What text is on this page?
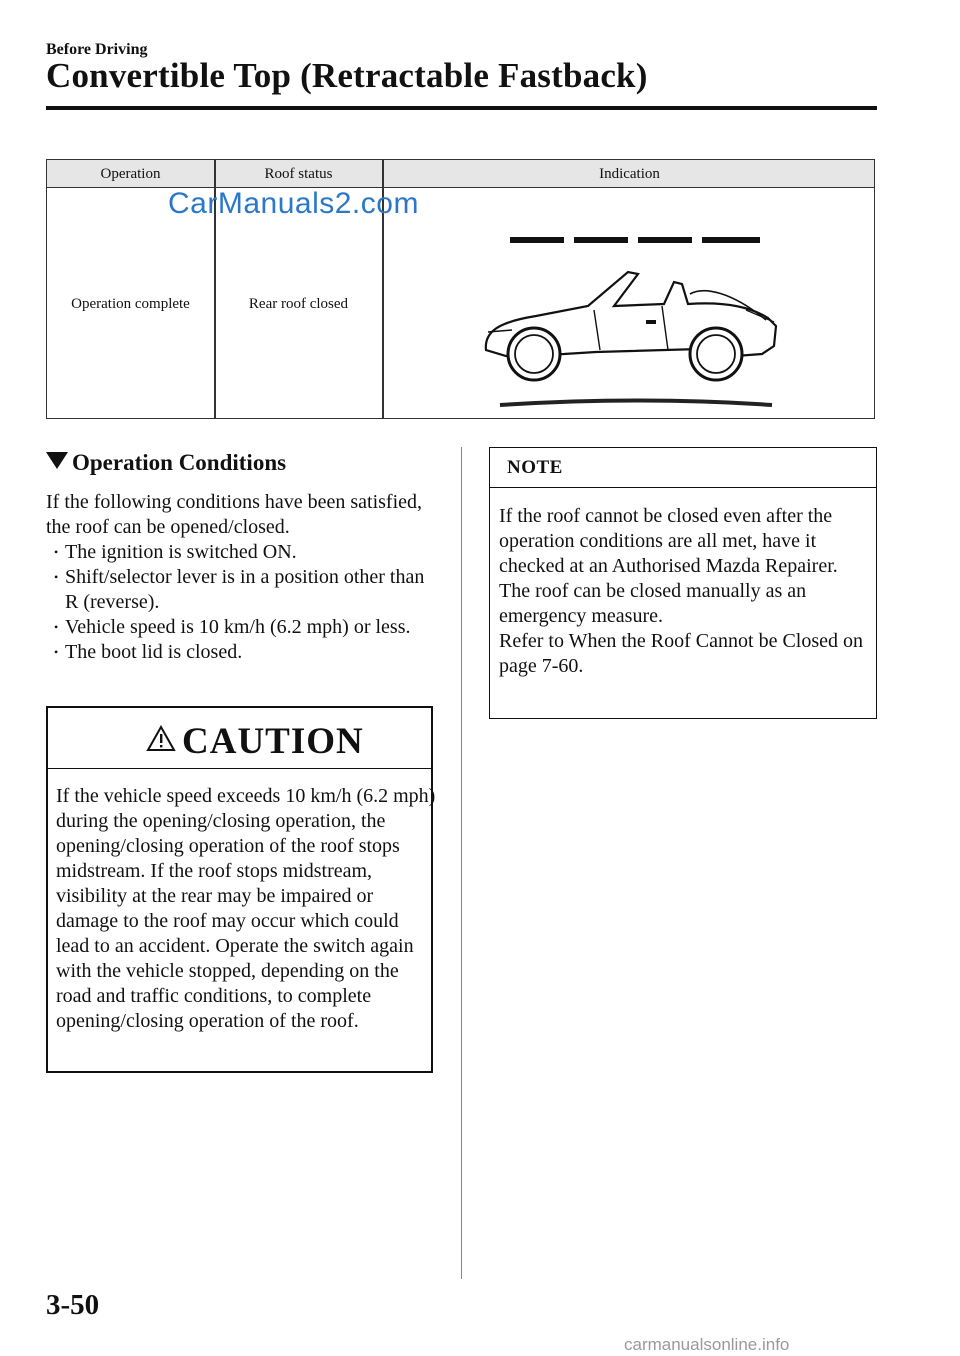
Before Driving
Convertible Top (Retractable Fastback)
Operation	Roof status	Indication
Operation complete	Rear roof closed
CarManuals2.com
Operation Conditions
If the following conditions have been satisfied, the roof can be opened/closed.
• The ignition is switched ON.
• Shift/selector lever is in a position other than R (reverse).
• Vehicle speed is 10 km/h (6.2 mph) or less.
• The boot lid is closed.
CAUTION
If the vehicle speed exceeds 10 km/h (6.2 mph) during the opening/closing operation, the opening/closing operation of the roof stops midstream. If the roof stops midstream, visibility at the rear may be impaired or damage to the roof may occur which could lead to an accident. Operate the switch again with the vehicle stopped, depending on the road and traffic conditions, to complete opening/closing operation of the roof.
NOTE
If the roof cannot be closed even after the operation conditions are all met, have it checked at an Authorised Mazda Repairer.
The roof can be closed manually as an emergency measure.
Refer to When the Roof Cannot be Closed on page 7-60.
3-50
carmanualsonline.info
